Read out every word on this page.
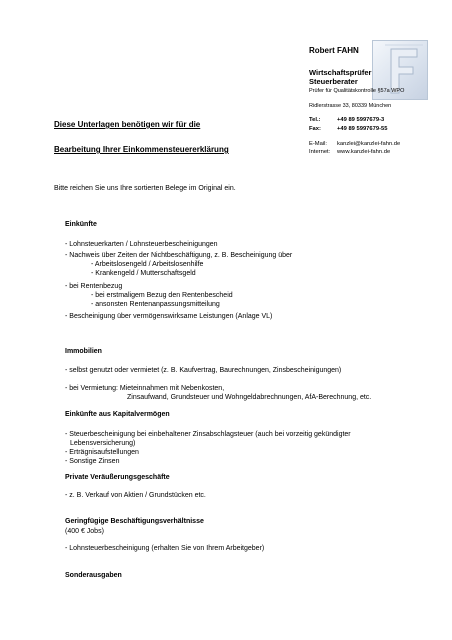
Robert FAHN
Wirtschaftsprüfer
Steuerberater
Prüfer für Qualitätskontrolle §57a WPO
Ridlerstrasse 33, 80339 München
Tel.:	+49 89 5997679-3
Fax:	+49 89 5997679-55
E-Mail:	kanzlei@kanzlei-fahn.de
Internet:	www.kanzlei-fahn.de
Diese Unterlagen benötigen wir für die
Bearbeitung Ihrer Einkommensteuererklärung
Bitte reichen Sie uns Ihre sortierten Belege im Original ein.
Einkünfte
- Lohnsteuerkarten / Lohnsteuerbescheinigungen
- Nachweis über Zeiten der Nichtbeschäftigung, z. B. Bescheinigung über
- Arbeitslosengeld / Arbeitslosenhilfe
- Krankengeld / Mutterschaftsgeld
- bei Rentenbezug
- bei erstmaligem Bezug den Rentenbescheid
- ansonsten Rentenanpassungsmitteilung
- Bescheinigung über vermögenswirksame Leistungen (Anlage VL)
Immobilien
- selbst genutzt oder vermietet (z. B. Kaufvertrag, Baurechnungen, Zinsbescheinigungen)
- bei Vermietung: Mieteinnahmen mit Nebenkosten,
Zinsaufwand, Grundsteuer und Wohngeldabrechnungen, AfA-Berechnung, etc.
Einkünfte aus Kapitalvermögen
- Steuerbescheinigung bei einbehaltener Zinsabschlagsteuer (auch bei vorzeitig gekündigter
Lebensversicherung)
- Erträgnisaufstellungen
- Sonstige Zinsen
Private Veräußerungsgeschäfte
- z. B. Verkauf von Aktien / Grundstücken etc.
Geringfügige Beschäftigungsverhältnisse
(400 € Jobs)
- Lohnsteuerbescheinigung (erhalten Sie von Ihrem Arbeitgeber)
Sonderausgaben
